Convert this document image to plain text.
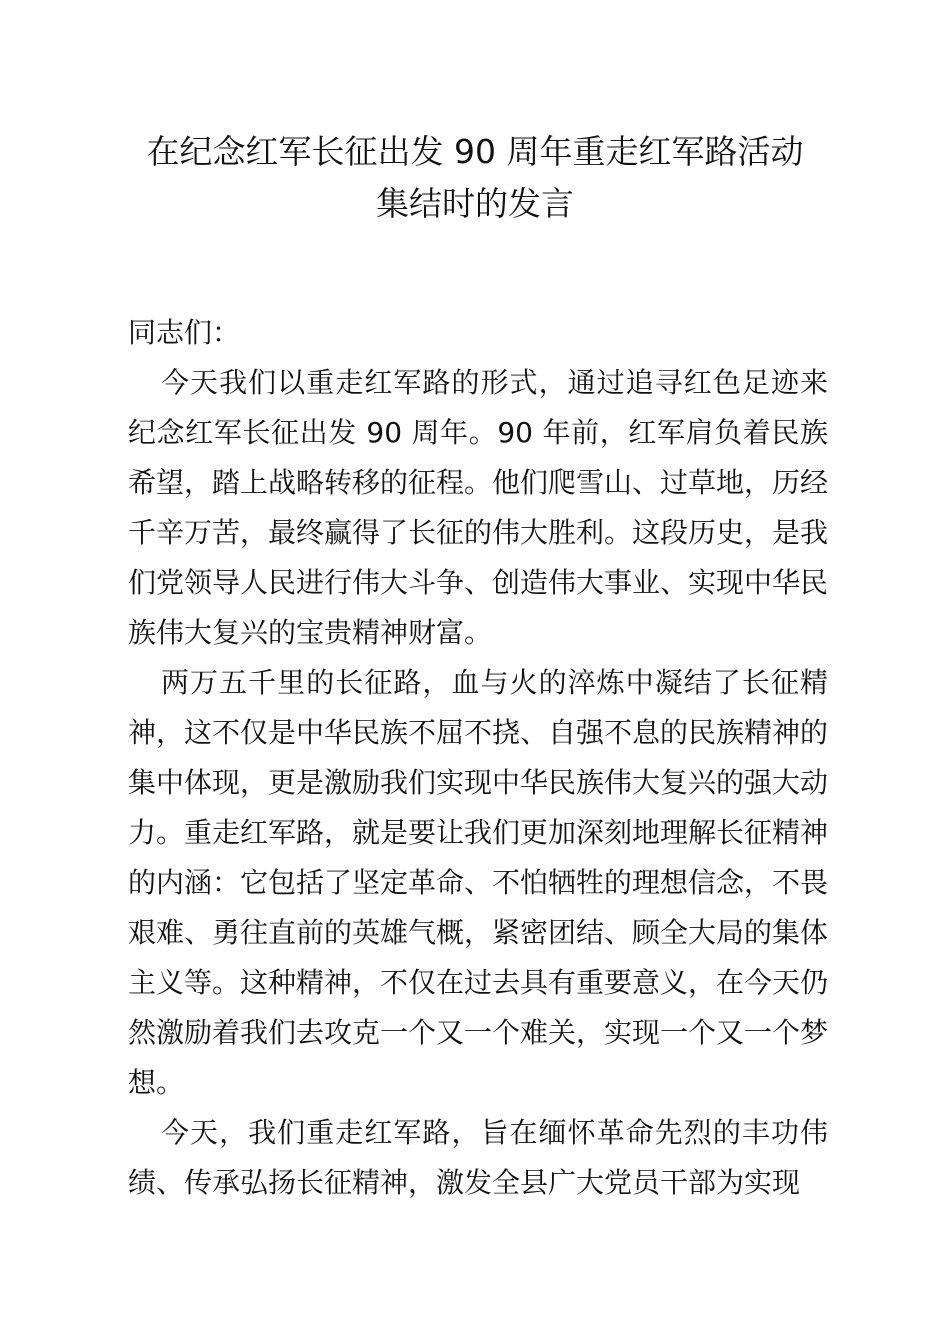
在纪念红军长征出发 90 周年重走红军路活动
集结时的发言

同志们：

今天我们以重走红军路的形式，通过追寻红色足迹来纪念红军长征出发 90 周年。90 年前，红军肩负着民族希望，踏上战略转移的征程。他们爬雪山、过草地，历经千辛万苦，最终赢得了长征的伟大胜利。这段历史，是我们党领导人民进行伟大斗争、创造伟大事业、实现中华民族伟大复兴的宝贵精神财富。

两万五千里的长征路，血与火的淬炼中凝结了长征精神，这不仅是中华民族不屈不挠、自强不息的民族精神的集中体现，更是激励我们实现中华民族伟大复兴的强大动力。重走红军路，就是要让我们更加深刻地理解长征精神的内涵：它包括了坚定革命、不怕牺牲的理想信念，不畏艰难、勇往直前的英雄气概，紧密团结、顾全大局的集体主义等。这种精神，不仅在过去具有重要意义，在今天仍然激励着我们去攻克一个又一个难关，实现一个又一个梦想。

今天，我们重走红军路，旨在缅怀革命先烈的丰功伟绩、传承弘扬长征精神，激发全县广大党员干部为实现
